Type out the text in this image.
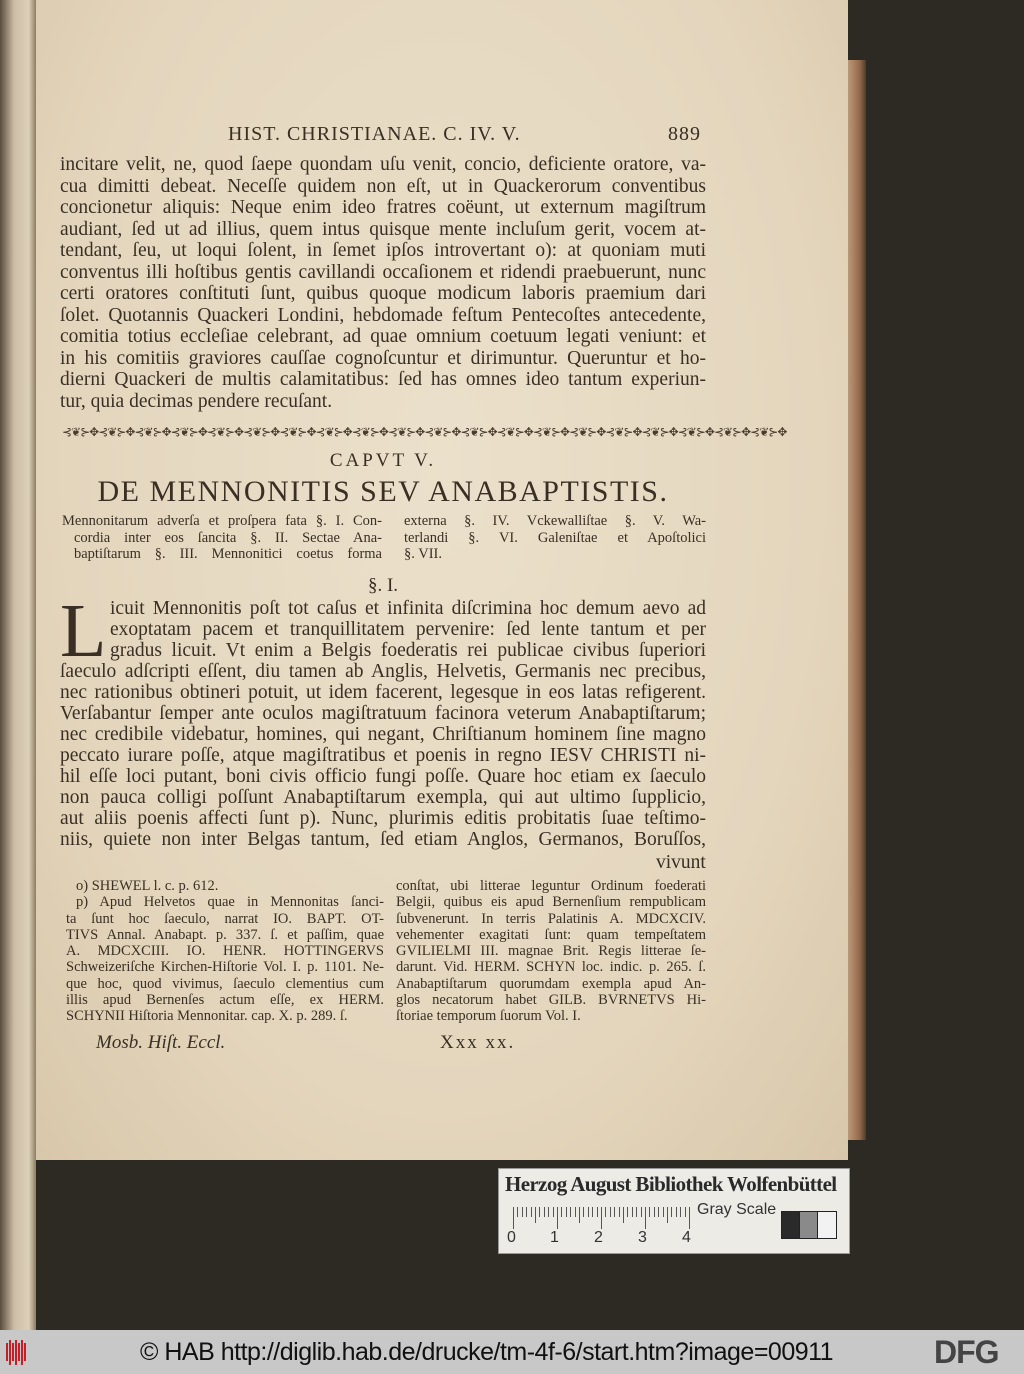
HIST. CHRISTIANAE. C. IV. V.	889
incitare velit, ne, quod ſaepe quondam uſu venit, concio, deficiente oratore, va-
cua dimitti debeat. Neceſſe quidem non eſt, ut in Quackerorum conventibus
concionetur aliquis: Neque enim ideo fratres coëunt, ut externum magiſtrum
audiant, ſed ut ad illius, quem intus quisque mente incluſum gerit, vocem at-
tendant, ſeu, ut loqui ſolent, in ſemet ipſos introvertant o): at quoniam muti
conventus illi hoſtibus gentis cavillandi occaſionem et ridendi praebuerunt, nunc
certi oratores conſtituti ſunt, quibus quoque modicum laboris praemium dari
ſolet. Quotannis Quackeri Londini, hebdomade feſtum Pentecoſtes antecedente,
comitia totius eccleſiae celebrant, ad quae omnium coetuum legati veniunt: et
in his comitiis graviores cauſſae cognoſcuntur et dirimuntur. Queruntur et ho-
dierni Quackeri de multis calamitatibus: ſed has omnes ideo tantum experiun-
tur, quia decimas pendere recuſant.
⊰❦⊱✥⊰❦⊱✥⊰❦⊱✥⊰❦⊱✥⊰❦⊱✥⊰❦⊱✥⊰❦⊱✥⊰❦⊱✥⊰❦⊱✥⊰❦⊱✥⊰❦⊱✥⊰❦⊱✥⊰❦⊱✥⊰❦⊱✥⊰❦⊱✥⊰❦⊱✥⊰❦⊱✥⊰❦⊱✥⊰❦⊱✥⊰❦⊱✥
CAPVT V.
DE MENNONITIS SEV ANABAPTISTIS.
Mennonitarum adverſa et proſpera fata §. I. Con-
cordia inter eos ſancita §. II. Sectae Ana-
baptiſtarum §. III. Mennonitici coetus forma
externa §. IV. Vckewalliſtae §. V. Wa-
terlandi §. VI. Galeniſtae et Apoſtolici
§. VII.
§. I.
L icuit Mennonitis poſt tot caſus et infinita diſcrimina hoc demum aevo ad
exoptatam pacem et tranquillitatem pervenire: ſed lente tantum et per
gradus licuit. Vt enim a Belgis foederatis rei publicae civibus ſuperiori
ſaeculo adſcripti eſſent, diu tamen ab Anglis, Helvetis, Germanis nec precibus,
nec rationibus obtineri potuit, ut idem facerent, legesque in eos latas refigerent.
Verſabantur ſemper ante oculos magiſtratuum facinora veterum Anabaptiſtarum;
nec credibile videbatur, homines, qui negant, Chriſtianum hominem ſine magno
peccato iurare poſſe, atque magiſtratibus et poenis in regno IESV CHRISTI ni-
hil eſſe loci putant, boni civis officio fungi poſſe. Quare hoc etiam ex ſaeculo
non pauca colligi poſſunt Anabaptiſtarum exempla, qui aut ultimo ſupplicio,
aut aliis poenis affecti ſunt p). Nunc, plurimis editis probitatis ſuae teſtimo-
niis, quiete non inter Belgas tantum, ſed etiam Anglos, Germanos, Boruſſos,
vivunt
o) SHEWEL l. c. p. 612.
p) Apud Helvetos quae in Mennonitas ſanci-
ta ſunt hoc ſaeculo, narrat IO. BAPT. OT-
TIVS Annal. Anabapt. p. 337. ſ. et paſſim, quae
A. MDCXCIII. IO. HENR. HOTTINGERVS
Schweizeriſche Kirchen-Hiſtorie Vol. I. p. 1101. Ne-
que hoc, quod vivimus, ſaeculo clementius cum
illis apud Bernenſes actum eſſe, ex HERM.
SCHYNII Hiſtoria Mennonitar. cap. X. p. 289. ſ.
conſtat, ubi litterae leguntur Ordinum foederati
Belgii, quibus eis apud Bernenſium rempublicam
ſubvenerunt. In terris Palatinis A. MDCXCIV.
vehementer exagitati ſunt: quam tempeſtatem
GVILIELMI III. magnae Brit. Regis litterae ſe-
darunt. Vid. HERM. SCHYN loc. indic. p. 265. ſ.
Anabaptiſtarum quorumdam exempla apud An-
glos necatorum habet GILB. BVRNETVS Hi-
ſtoriae temporum ſuorum Vol. I.
Mosb. Hiſt. Eccl.	Xxx xx.
Herzog August Bibliothek Wolfenbüttel
0 1 2 3 4
Gray Scale
© HAB http://diglib.hab.de/drucke/tm-4f-6/start.htm?image=00911	DFG
